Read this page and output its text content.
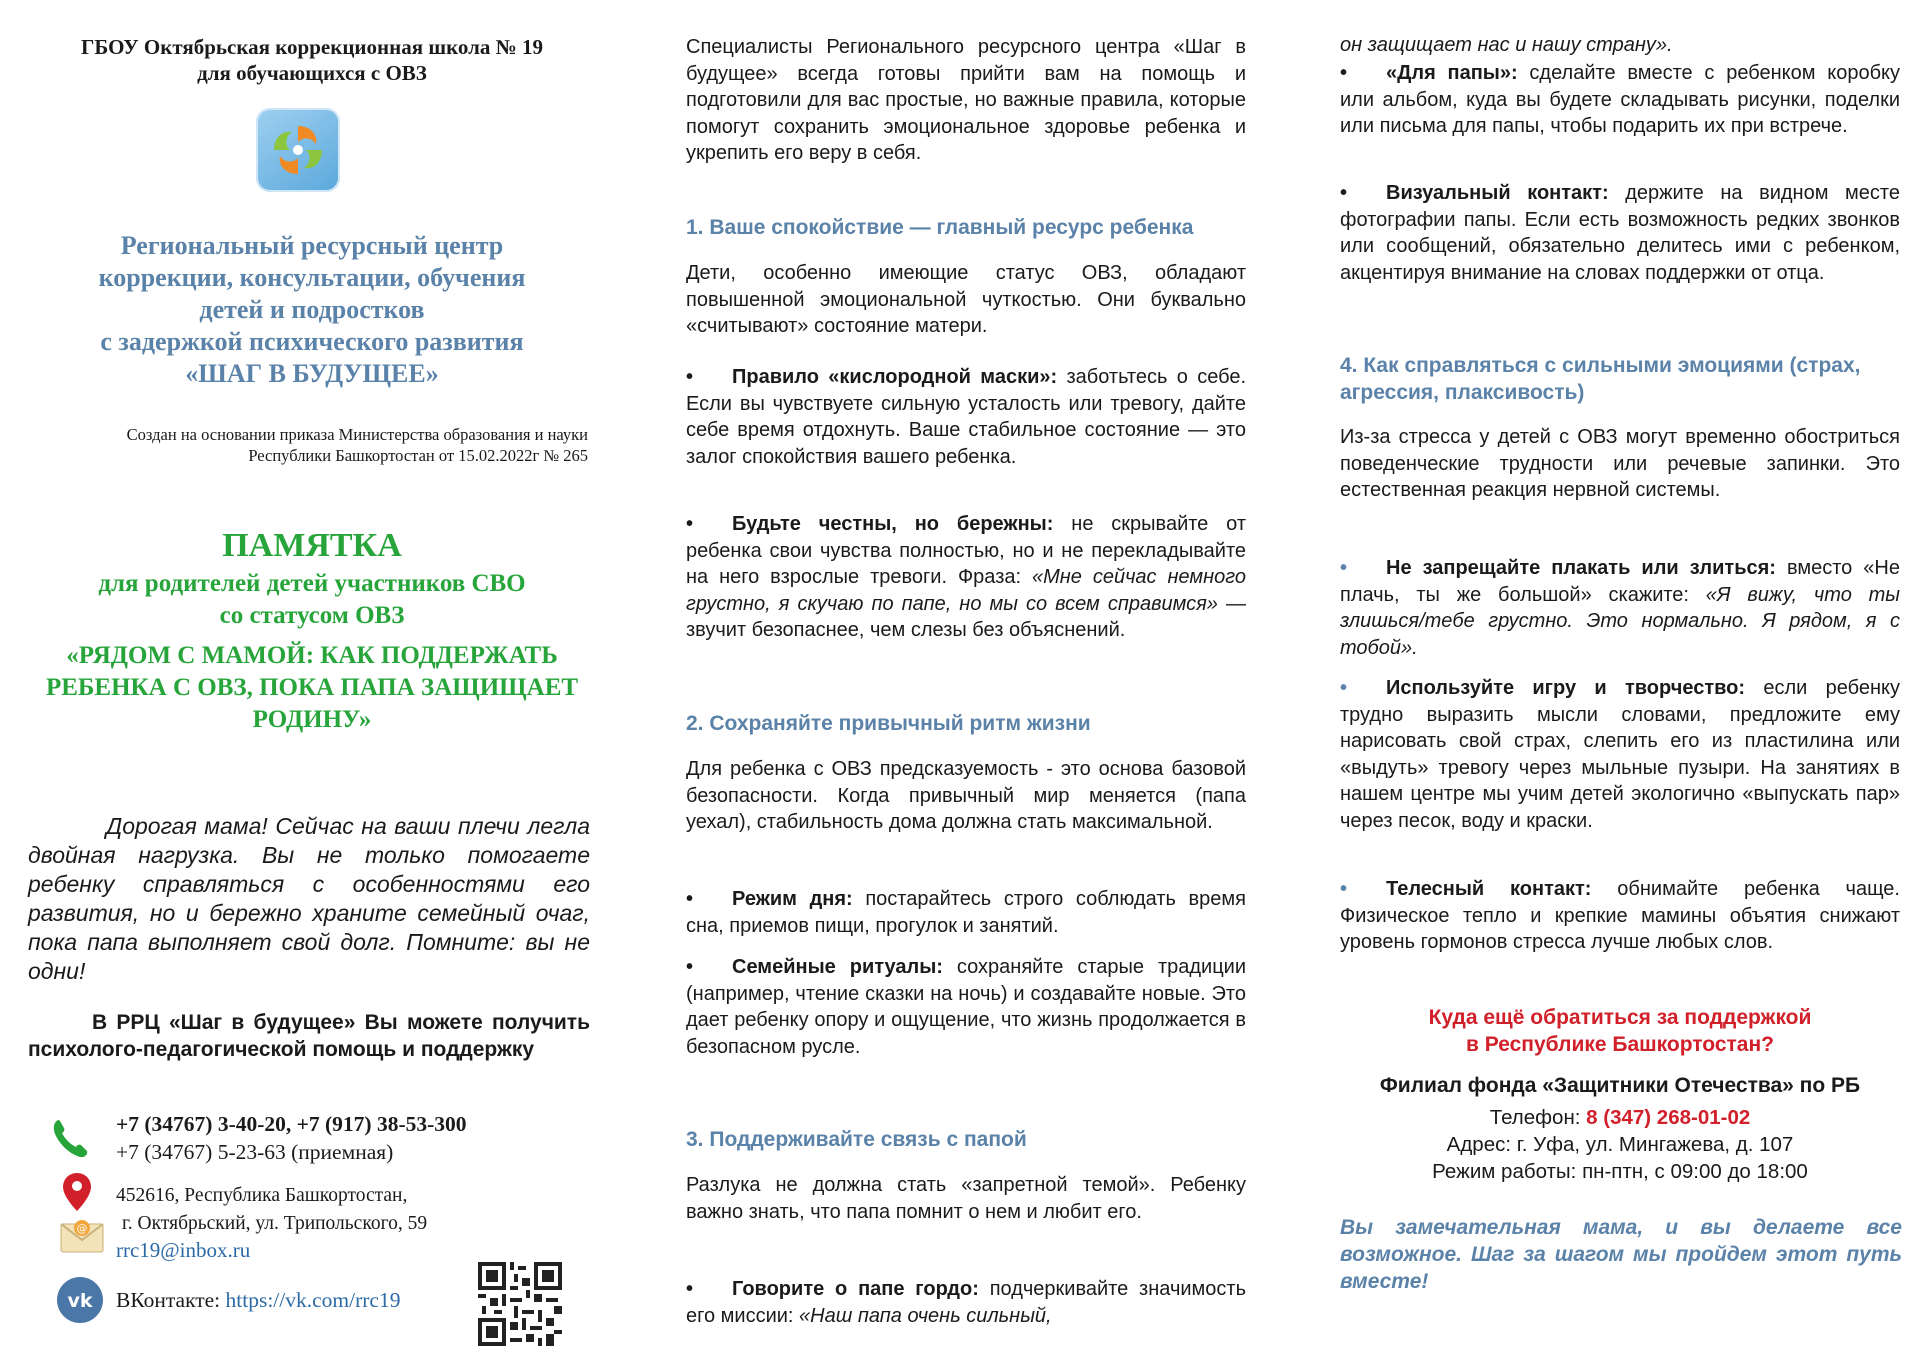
ГБОУ Октябрьская коррекционная школа № 19
для обучающихся с ОВЗ
Региональный ресурсный центр
коррекции, консультации, обучения
детей и подростков
с задержкой психического развития
«ШАГ В БУДУЩЕЕ»
Создан на основании приказа Министерства образования и науки
Республики Башкортостан от 15.02.2022г № 265
ПАМЯТКА
для родителей детей участников СВО
со статусом ОВЗ
«РЯДОМ С МАМОЙ: КАК ПОДДЕРЖАТЬ
РЕБЕНКА С ОВЗ, ПОКА ПАПА ЗАЩИЩАЕТ
РОДИНУ»
Дорогая мама! Сейчас на ваши плечи легла двойная нагрузка. Вы не только помогаете ребенку справляться с особенностями его развития, но и бережно храните семейный очаг, пока папа выполняет свой долг. Помните: вы не одни!
В РРЦ «Шаг в будущее» Вы можете получить психолого-педагогической помощь и поддержку
+7 (34767) 3-40-20, +7 (917) 38-53-300
+7 (34767) 5-23-63 (приемная)
452616, Республика Башкортостан,
@ г. Октябрьский, ул. Трипольского, 59
rrc19@inbox.ru
vk ВКонтакте: https://vk.com/rrc19
Специалисты Регионального ресурсного центра «Шаг в будущее» всегда готовы прийти вам на помощь и подготовили для вас простые, но важные правила, которые помогут сохранить эмоциональное здоровье ребенка и укрепить его веру в себя.
1. Ваше спокойствие — главный ресурс ребенка
Дети, особенно имеющие статус ОВЗ, обладают повышенной эмоциональной чуткостью. Они буквально «считывают» состояние матери.
• Правило «кислородной маски»: заботьтесь о себе. Если вы чувствуете сильную усталость или тревогу, дайте себе время отдохнуть. Ваше стабильное состояние — это залог спокойствия вашего ребенка.
• Будьте честны, но бережны: не скрывайте от ребенка свои чувства полностью, но и не перекладывайте на него взрослые тревоги. Фраза: «Мне сейчас немного грустно, я скучаю по папе, но мы со всем справимся» — звучит безопаснее, чем слезы без объяснений.
2. Сохраняйте привычный ритм жизни
Для ребенка с ОВЗ предсказуемость - это основа базовой безопасности. Когда привычный мир меняется (папа уехал), стабильность дома должна стать максимальной.
• Режим дня: постарайтесь строго соблюдать время сна, приемов пищи, прогулок и занятий.
• Семейные ритуалы: сохраняйте старые традиции (например, чтение сказки на ночь) и создавайте новые. Это дает ребенку опору и ощущение, что жизнь продолжается в безопасном русле.
3. Поддерживайте связь с папой
Разлука не должна стать «запретной темой». Ребенку важно знать, что папа помнит о нем и любит его.
• Говорите о папе гордо: подчеркивайте значимость его миссии: «Наш папа очень сильный,
он защищает нас и нашу страну».
• «Для папы»: сделайте вместе с ребенком коробку или альбом, куда вы будете складывать рисунки, поделки или письма для папы, чтобы подарить их при встрече.
• Визуальный контакт: держите на видном месте фотографии папы. Если есть возможность редких звонков или сообщений, обязательно делитесь ими с ребенком, акцентируя внимание на словах поддержки от отца.
4. Как справляться с сильными эмоциями (страх, агрессия, плаксивость)
Из-за стресса у детей с ОВЗ могут временно обостриться поведенческие трудности или речевые запинки. Это естественная реакция нервной системы.
• Не запрещайте плакать или злиться: вместо «Не плачь, ты же большой» скажите: «Я вижу, что ты злишься/тебе грустно. Это нормально. Я рядом, я с тобой».
• Используйте игру и творчество: если ребенку трудно выразить мысли словами, предложите ему нарисовать свой страх, слепить его из пластилина или «выдуть» тревогу через мыльные пузыри. На занятиях в нашем центре мы учим детей экологично «выпускать пар» через песок, воду и краски.
• Телесный контакт: обнимайте ребенка чаще. Физическое тепло и крепкие мамины объятия снижают уровень гормонов стресса лучше любых слов.
Куда ещё обратиться за поддержкой
в Республике Башкортостан?
Филиал фонда «Защитники Отечества» по РБ
Телефон: 8 (347) 268-01-02
Адрес: г. Уфа, ул. Мингажева, д. 107
Режим работы: пн-птн, с 09:00 до 18:00
Вы замечательная мама, и вы делаете все возможное. Шаг за шагом мы пройдем этот путь вместе!
